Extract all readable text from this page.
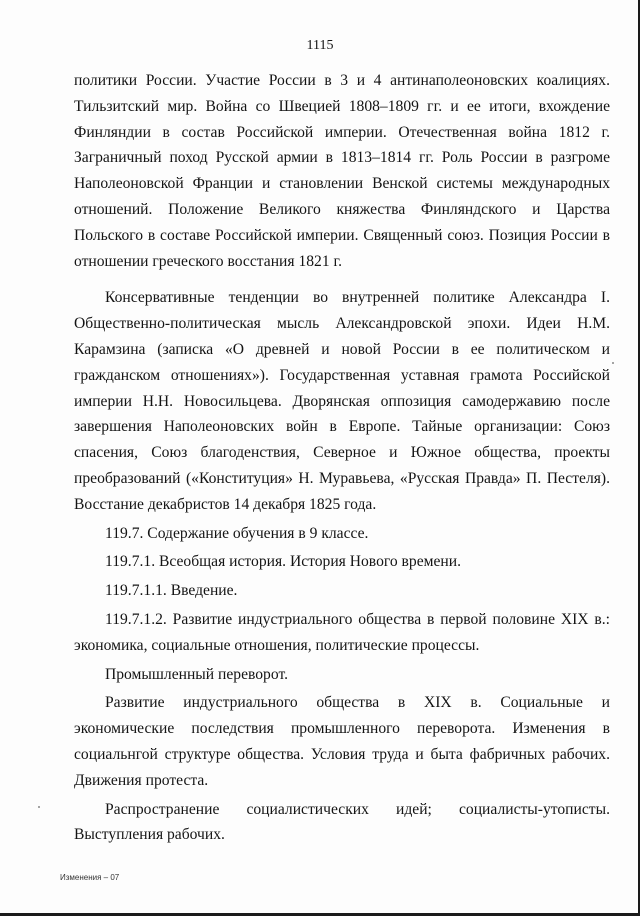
1115

политики России. Участие России в 3 и 4 антинаполеоновских коалициях. Тильзитский мир. Война со Швецией 1808–1809 гг. и ее итоги, вхождение Финляндии в состав Российской империи. Отечественная война 1812 г. Заграничный поход Русской армии в 1813–1814 гг. Роль России в разгроме Наполеоновской Франции и становлении Венской системы международных отношений. Положение Великого княжества Финляндского и Царства Польского в составе Российской империи. Священный союз. Позиция России в отношении греческого восстания 1821 г.

Консервативные тенденции во внутренней политике Александра I. Общественно-политическая мысль Александровской эпохи. Идеи Н.М. Карамзина (записка «О древней и новой России в ее политическом и гражданском отношениях»). Государственная уставная грамота Российской империи Н.Н. Новосильцева. Дворянская оппозиция самодержавию после завершения Наполеоновских войн в Европе. Тайные организации: Союз спасения, Союз благоденствия, Северное и Южное общества, проекты преобразований («Конституция» Н. Муравьева, «Русская Правда» П. Пестеля). Восстание декабристов 14 декабря 1825 года.

119.7. Содержание обучения в 9 классе.

119.7.1. Всеобщая история. История Нового времени.

119.7.1.1. Введение.

119.7.1.2. Развитие индустриального общества в первой половине XIX в.: экономика, социальные отношения, политические процессы.

Промышленный переворот.

Развитие индустриального общества в XIX в. Социальные и экономические последствия промышленного переворота. Изменения в социальнгой структуре общества. Условия труда и быта фабричных рабочих. Движения протеста.

Распространение социалистических идей; социалисты-утописты. Выступления рабочих.

Изменения – 07
